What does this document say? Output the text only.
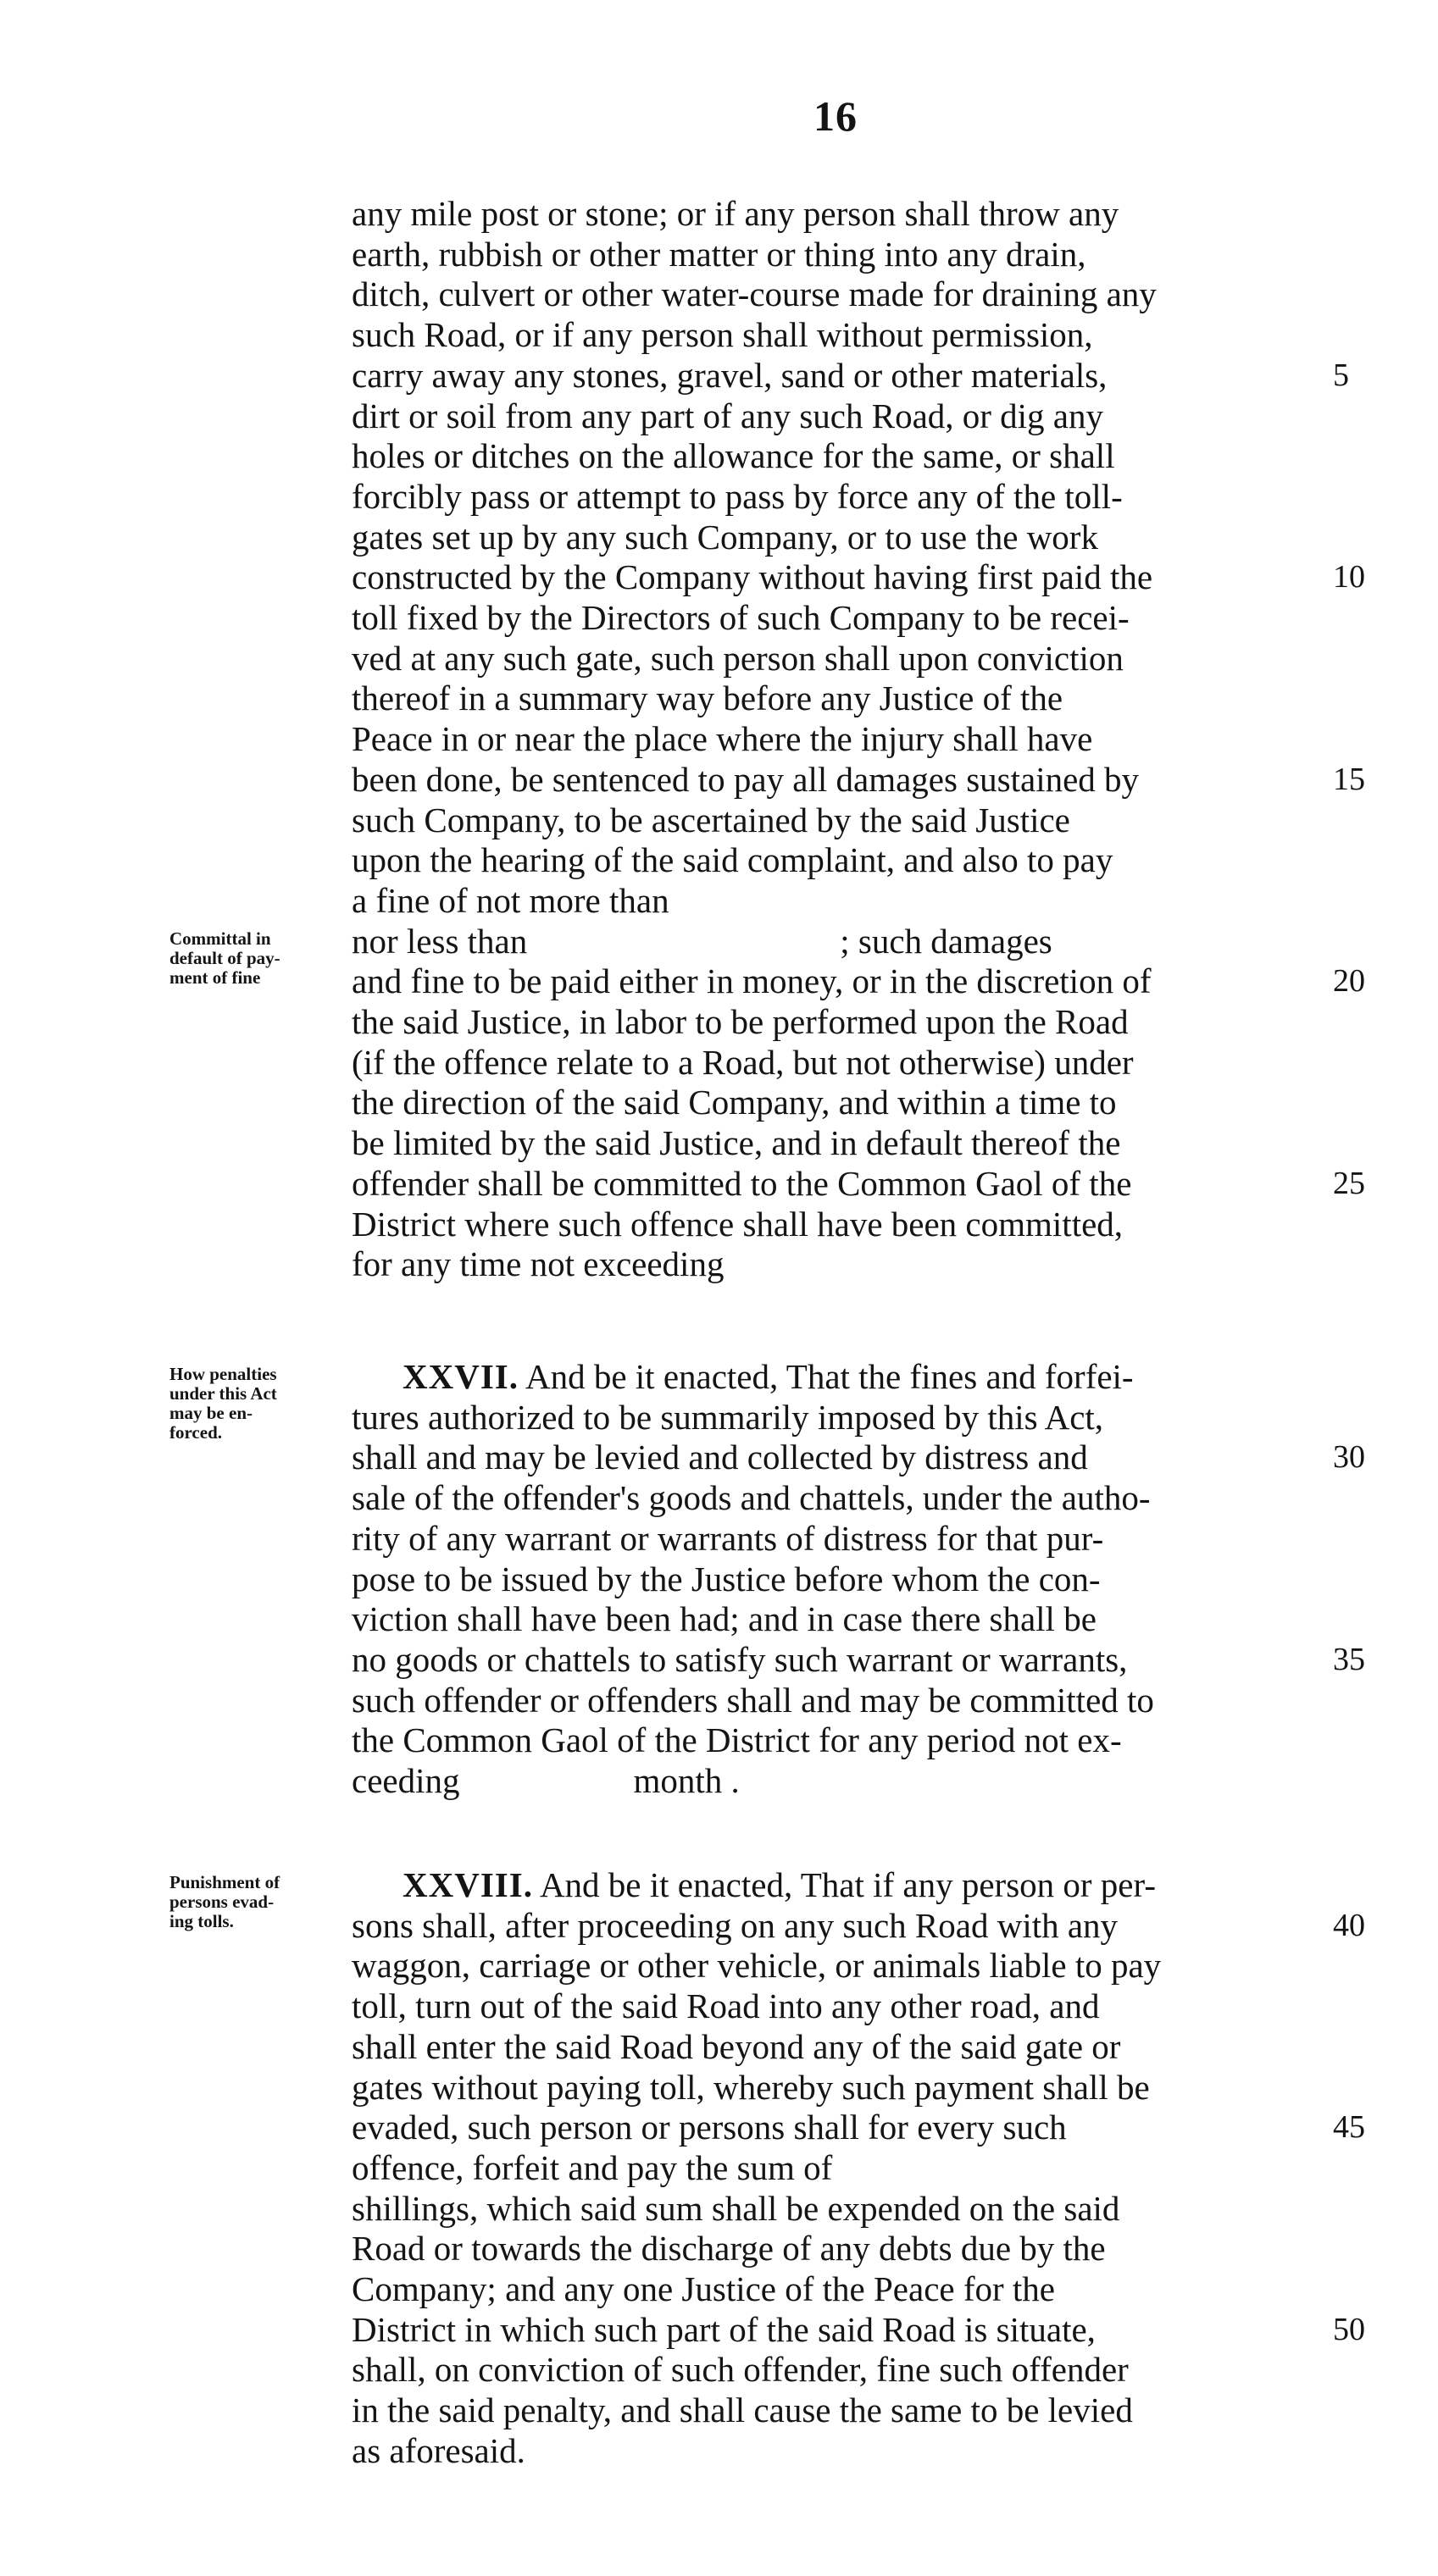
16
any mile post or stone; or if any person shall throw any
earth, rubbish or other matter or thing into any drain,
ditch, culvert or other water-course made for draining any
such Road, or if any person shall without permission,
carry away any stones, gravel, sand or other materials,	5
dirt or soil from any part of any such Road, or dig any
holes or ditches on the allowance for the same, or shall
forcibly pass or attempt to pass by force any of the toll-
gates set up by any such Company, or to use the work
constructed by the Company without having first paid the	10
toll fixed by the Directors of such Company to be recei-
ved at any such gate, such person shall upon conviction
thereof in a summary way before any Justice of the
Peace in or near the place where the injury shall have
been done, be sentenced to pay all damages sustained by	15
such Company, to be ascertained by the said Justice
upon the hearing of the said complaint, and also to pay
a fine of not more than
nor less than                                    ; such damages
and fine to be paid either in money, or in the discretion of	20
the said Justice, in labor to be performed upon the Road
(if the offence relate to a Road, but not otherwise) under
the direction of the said Company, and within a time to
be limited by the said Justice, and in default thereof the
offender shall be committed to the Common Gaol of the	25
District where such offence shall have been committed,
for any time not exceeding
Committal in
default of pay-
ment of fine
XXVII. And be it enacted, That the fines and forfei-
tures authorized to be summarily imposed by this Act,
shall and may be levied and collected by distress and	30
sale of the offender's goods and chattels, under the autho-
rity of any warrant or warrants of distress for that pur-
pose to be issued by the Justice before whom the con-
viction shall have been had; and in case there shall be
no goods or chattels to satisfy such warrant or warrants,	35
such offender or offenders shall and may be committed to
the Common Gaol of the District for any period not ex-
ceeding                    month .
How penalties
under this Act
may be en-
forced.
XXVIII. And be it enacted, That if any person or per-
sons shall, after proceeding on any such Road with any	40
waggon, carriage or other vehicle, or animals liable to pay
toll, turn out of the said Road into any other road, and
shall enter the said Road beyond any of the said gate or
gates without paying toll, whereby such payment shall be
evaded, such person or persons shall for every such	45
offence, forfeit and pay the sum of
shillings, which said sum shall be expended on the said
Road or towards the discharge of any debts due by the
Company; and any one Justice of the Peace for the
District in which such part of the said Road is situate,	50
shall, on conviction of such offender, fine such offender
in the said penalty, and shall cause the same to be levied
as aforesaid.
Punishment of
persons evad-
ing tolls.
